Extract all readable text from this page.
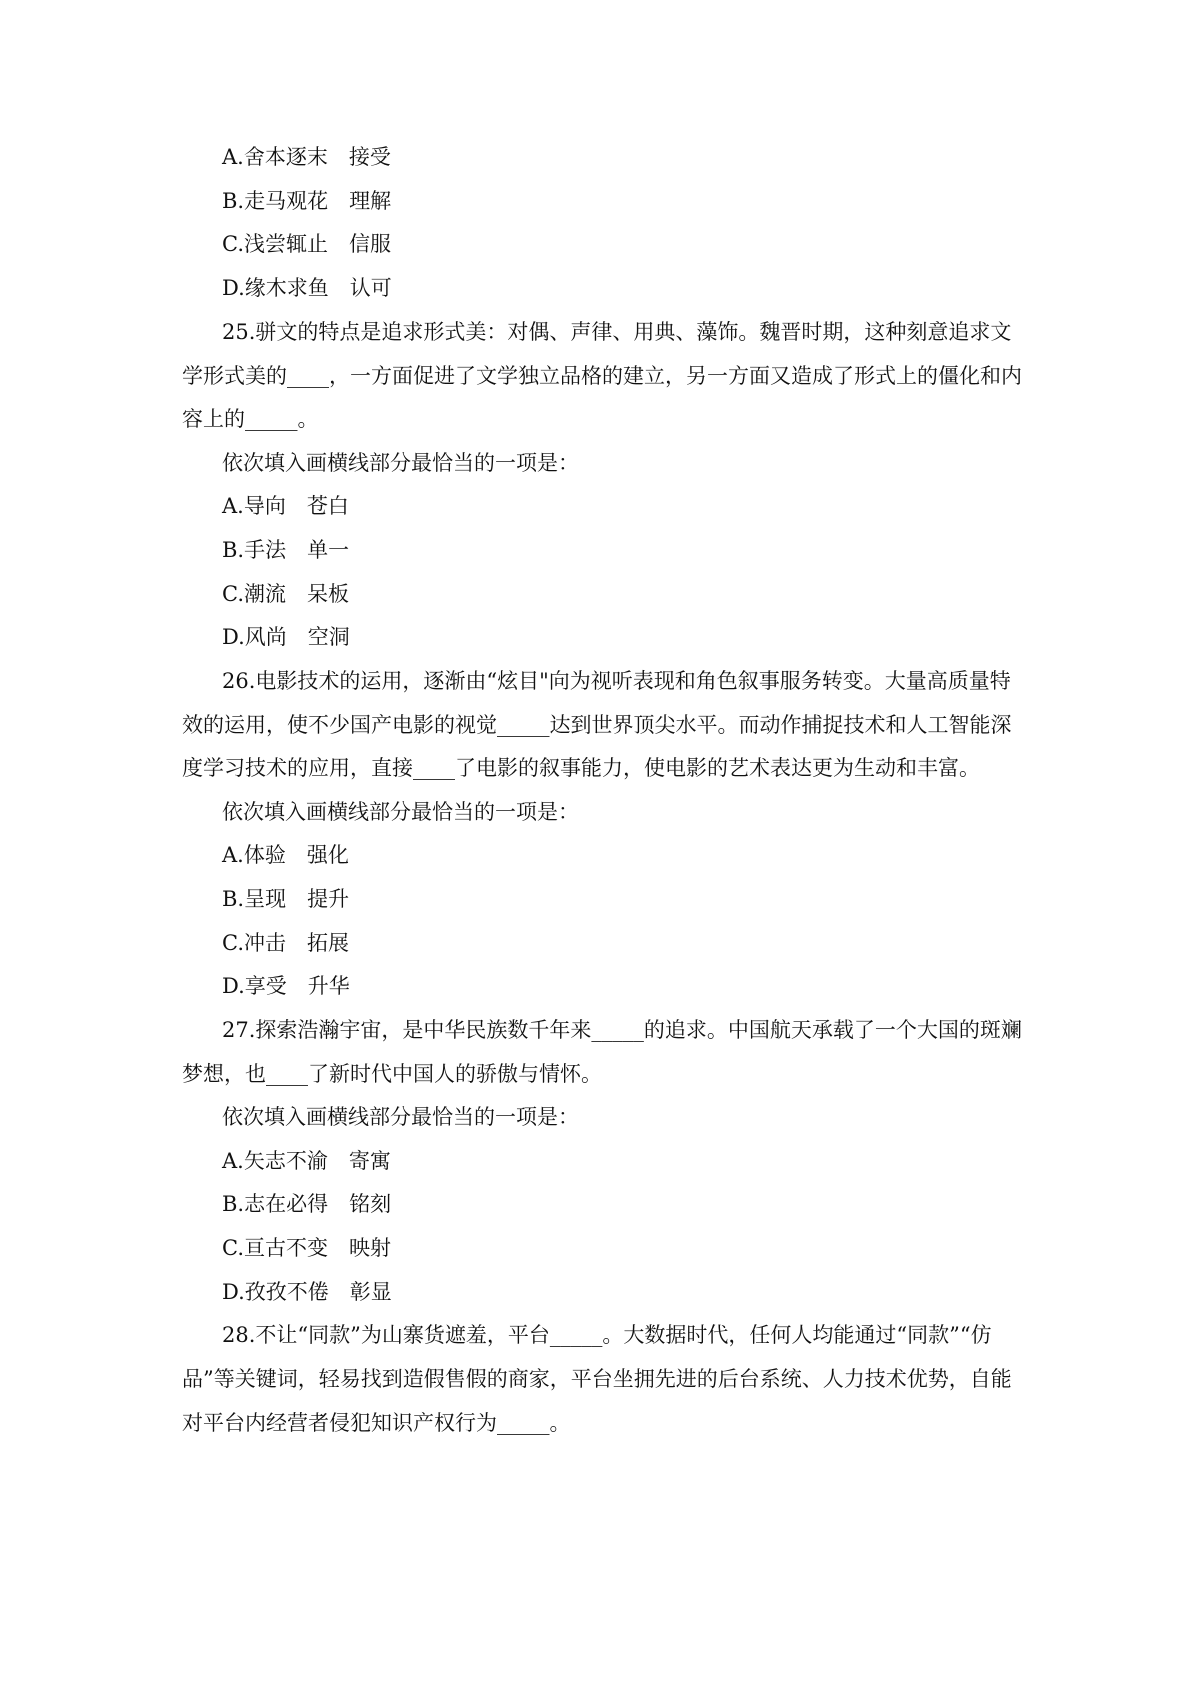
A.舍本逐末　接受
B.走马观花　理解
C.浅尝辄止　信服
D.缘木求鱼　认可
25.骈文的特点是追求形式美：对偶、声律、用典、藻饰。魏晋时期，这种刻意追求文
学形式美的____，一方面促进了文学独立品格的建立，另一方面又造成了形式上的僵化和内
容上的_____。
依次填入画横线部分最恰当的一项是：
A.导向　苍白
B.手法　单一
C.潮流　呆板
D.风尚　空洞
26.电影技术的运用，逐渐由“炫目"向为视听表现和角色叙事服务转变。大量高质量特
效的运用，使不少国产电影的视觉_____达到世界顶尖水平。而动作捕捉技术和人工智能深
度学习技术的应用，直接____了电影的叙事能力，使电影的艺术表达更为生动和丰富。
依次填入画横线部分最恰当的一项是：
A.体验　强化
B.呈现　提升
C.冲击　拓展
D.享受　升华
27.探索浩瀚宇宙，是中华民族数千年来_____的追求。中国航天承载了一个大国的斑斓
梦想，也____了新时代中国人的骄傲与情怀。
依次填入画横线部分最恰当的一项是：
A.矢志不渝　寄寓
B.志在必得　铭刻
C.亘古不变　映射
D.孜孜不倦　彰显
28.不让“同款”为山寨货遮羞，平台_____。大数据时代，任何人均能通过“同款”“仿
品”等关键词，轻易找到造假售假的商家，平台坐拥先进的后台系统、人力技术优势，自能
对平台内经营者侵犯知识产权行为_____。
